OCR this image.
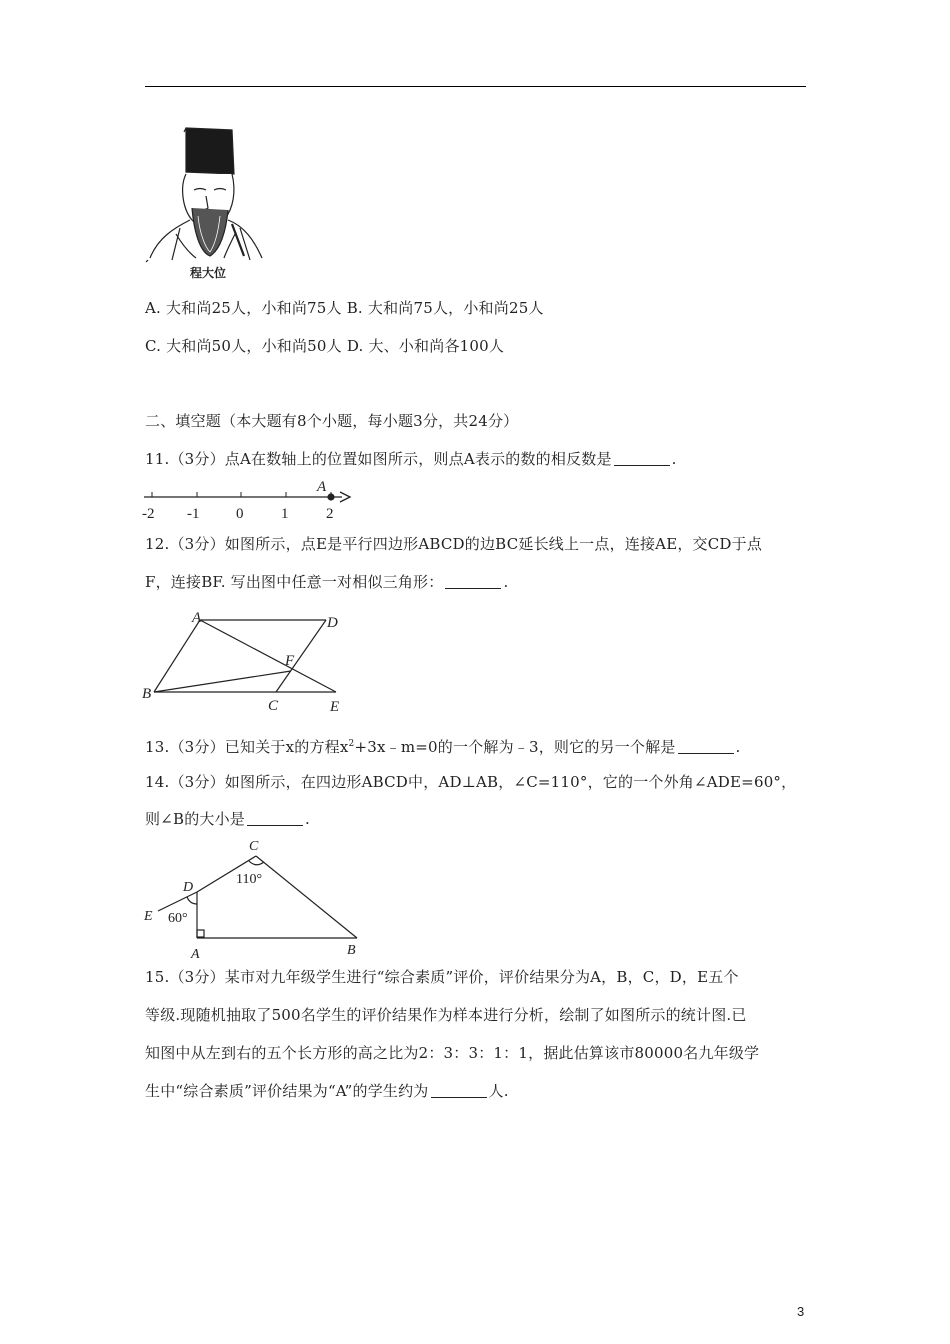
程大位
A. 大和尚25人，小和尚75人 B. 大和尚75人，小和尚25人
C. 大和尚50人，小和尚50人 D. 大、小和尚各100人
二、填空题（本大题有8个小题，每小题3分，共24分）
11.（3分）点A在数轴上的位置如图所示，则点A表示的数的相反数是	.
A
-2 -1 0	1	2
12.（3分）如图所示，点E是平行四边形ABCD的边BC延长线上一点，连接AE，交CD于点
F，连接BF. 写出图中任意一对相似三角形：	.
A	D
B
C	E
F
13.（3分）已知关于x的方程$x^2+3x﹣m=0$的一个解为﹣3，则它的另一个解是	.
14.（3分）如图所示，在四边形ABCD中，AD⊥AB，∠C=110°，它的一个外角∠ADE=60°，
则∠B的大小是	.
C
D
E
A	B
110°
60°
15.（3分）某市对九年级学生进行“综合素质”评价，评价结果分为A，B，C，D，E五个
等级.现随机抽取了500名学生的评价结果作为样本进行分析，绘制了如图所示的统计图.已
知图中从左到右的五个长方形的高之比为2：3：3：1：1，据此估算该市80000名九年级学
生中“综合素质”评价结果为“A”的学生约为	人.
3
